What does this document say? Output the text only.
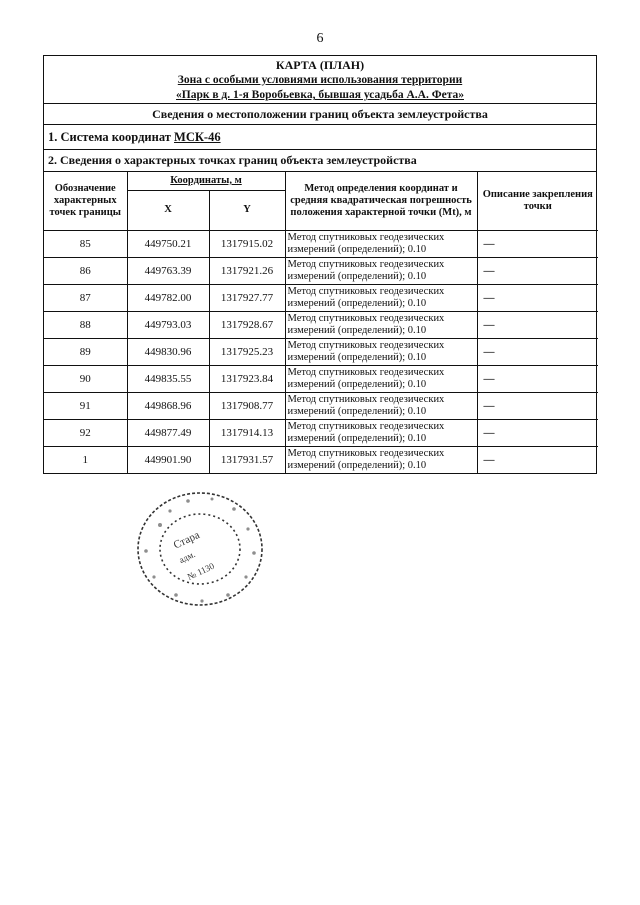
6
КАРТА (ПЛАН)
Зона с особыми условиями использования территории
«Парк в д. 1-я Воробьевка, бывшая усадьба А.А. Фета»
Сведения о местоположении границ объекта землеустройства
1. Система координат МСК-46
2. Сведения о характерных точках границ объекта землеустройства
Обозначение характерных точек границы	Координаты, м		Метод определения координат и средняя квадратическая погрешность положения характерной точки (Mt), м	Описание закрепления точки
	X	Y		
85	449750.21	1317915.02	Метод спутниковых геодезических измерений (определений); 0.10	—
86	449763.39	1317921.26	Метод спутниковых геодезических измерений (определений); 0.10	—
87	449782.00	1317927.77	Метод спутниковых геодезических измерений (определений); 0.10	—
88	449793.03	1317928.67	Метод спутниковых геодезических измерений (определений); 0.10	—
89	449830.96	1317925.23	Метод спутниковых геодезических измерений (определений); 0.10	—
90	449835.55	1317923.84	Метод спутниковых геодезических измерений (определений); 0.10	—
91	449868.96	1317908.77	Метод спутниковых геодезических измерений (определений); 0.10	—
92	449877.49	1317914.13	Метод спутниковых геодезических измерений (определений); 0.10	—
1	449901.90	1317931.57	Метод спутниковых геодезических измерений (определений); 0.10	—
Стара
адм.
№ 1130
